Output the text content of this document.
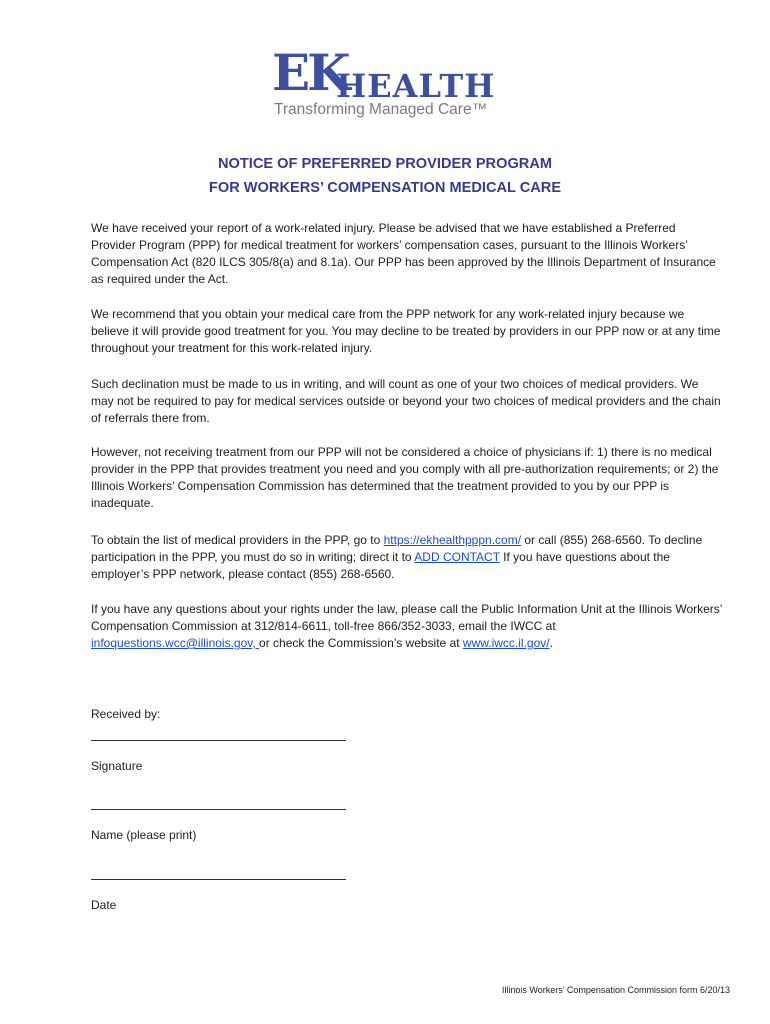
EK
HEALTH
Transforming Managed Care™
NOTICE OF PREFERRED PROVIDER PROGRAM
FOR WORKERS’ COMPENSATION MEDICAL CARE
We have received your report of a work-related injury. Please be advised that we have established a Preferred Provider Program (PPP) for medical treatment for workers’ compensation cases, pursuant to the Illinois Workers’ Compensation Act (820 ILCS 305/8(a) and 8.1a). Our PPP has been approved by the Illinois Department of Insurance as required under the Act.
We recommend that you obtain your medical care from the PPP network for any work-related injury because we believe it will provide good treatment for you. You may decline to be treated by providers in our PPP now or at any time throughout your treatment for this work-related injury.
Such declination must be made to us in writing, and will count as one of your two choices of medical providers. We may not be required to pay for medical services outside or beyond your two choices of medical providers and the chain of referrals there from.
However, not receiving treatment from our PPP will not be considered a choice of physicians if: 1) there is no medical provider in the PPP that provides treatment you need and you comply with all pre-authorization requirements; or 2) the Illinois Workers’ Compensation Commission has determined that the treatment provided to you by our PPP is inadequate.
To obtain the list of medical providers in the PPP, go to https://ekhealthpppn.com/ or call (855) 268-6560. To decline participation in the PPP, you must do so in writing; direct it to ADD CONTACT If you have questions about the employer’s PPP network, please contact (855) 268-6560.
If you have any questions about your rights under the law, please call the Public Information Unit at the Illinois Workers’ Compensation Commission at 312/814-6611, toll-free 866/352-3033, email the IWCC at infoquestions.wcc@illinois.gov, or check the Commission’s website at www.iwcc.il.gov/.
Received by:
Signature
Name (please print)
Date
Illinois Workers’ Compensation Commission form 6/20/13
